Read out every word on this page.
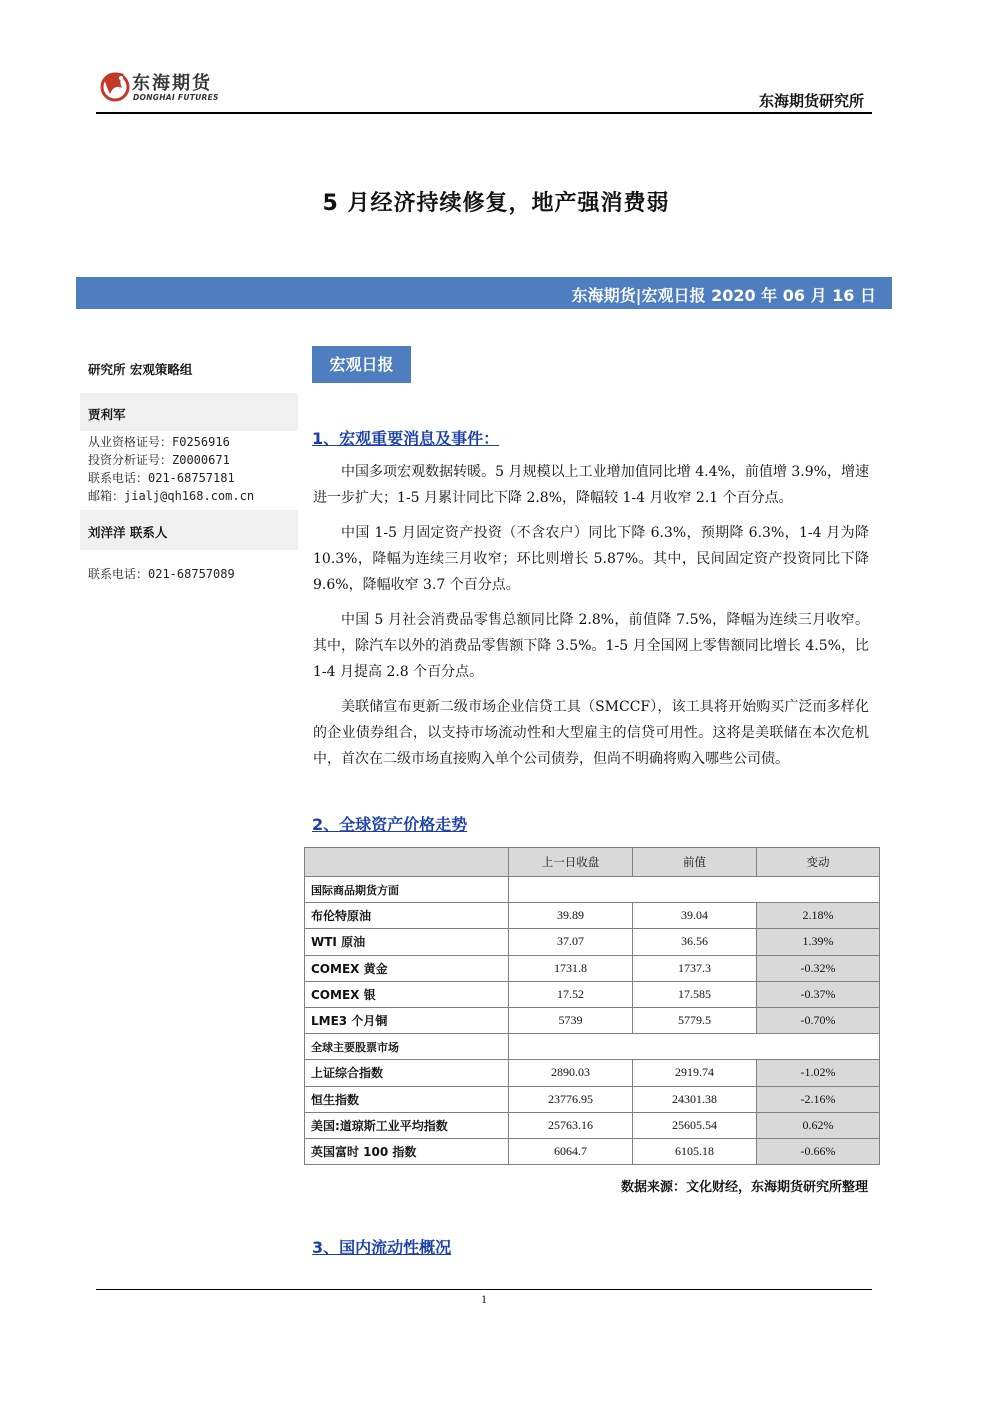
东海期货
DONGHAI FUTURES	东海期货研究所
5 月经济持续修复，地产强消费弱
东海期货|宏观日报 2020 年 06 月 16 日
研究所 宏观策略组
贾利军
从业资格证号：F0256916
投资分析证号：Z0000671
联系电话：021-68757181
邮箱：jialj@qh168.com.cn
刘洋洋 联系人
联系电话：021-68757089
宏观日报
1、宏观重要消息及事件：

中国多项宏观数据转暖。5 月规模以上工业增加值同比增 4.4%，前值增 3.9%，增速进一步扩大；1-5 月累计同比下降 2.8%，降幅较 1-4 月收窄 2.1 个百分点。

中国 1-5 月固定资产投资（不含农户）同比下降 6.3%，预期降 6.3%，1-4 月为降 10.3%，降幅为连续三月收窄；环比则增长 5.87%。其中，民间固定资产投资同比下降 9.6%，降幅收窄 3.7 个百分点。

中国 5 月社会消费品零售总额同比降 2.8%，前值降 7.5%，降幅为连续三月收窄。其中，除汽车以外的消费品零售额下降 3.5%。1-5 月全国网上零售额同比增长 4.5%，比 1-4 月提高 2.8 个百分点。

美联储宣布更新二级市场企业信贷工具（SMCCF），该工具将开始购买广泛而多样化的企业债券组合，以支持市场流动性和大型雇主的信贷可用性。这将是美联储在本次危机中，首次在二级市场直接购入单个公司债券，但尚不明确将购入哪些公司债。

2、全球资产价格走势
	上一日收盘	前值	变动
国际商品期货方面			
布伦特原油	39.89	39.04	2.18%
WTI 原油	37.07	36.56	1.39%
COMEX 黄金	1731.8	1737.3	-0.32%
COMEX 银	17.52	17.585	-0.37%
LME3 个月铜	5739	5779.5	-0.70%
全球主要股票市场			
上证综合指数	2890.03	2919.74	-1.02%
恒生指数	23776.95	24301.38	-2.16%
美国:道琼斯工业平均指数	25763.16	25605.54	0.62%
英国富时 100 指数	6064.7	6105.18	-0.66%
数据来源：文化财经，东海期货研究所整理
3、国内流动性概况
1
